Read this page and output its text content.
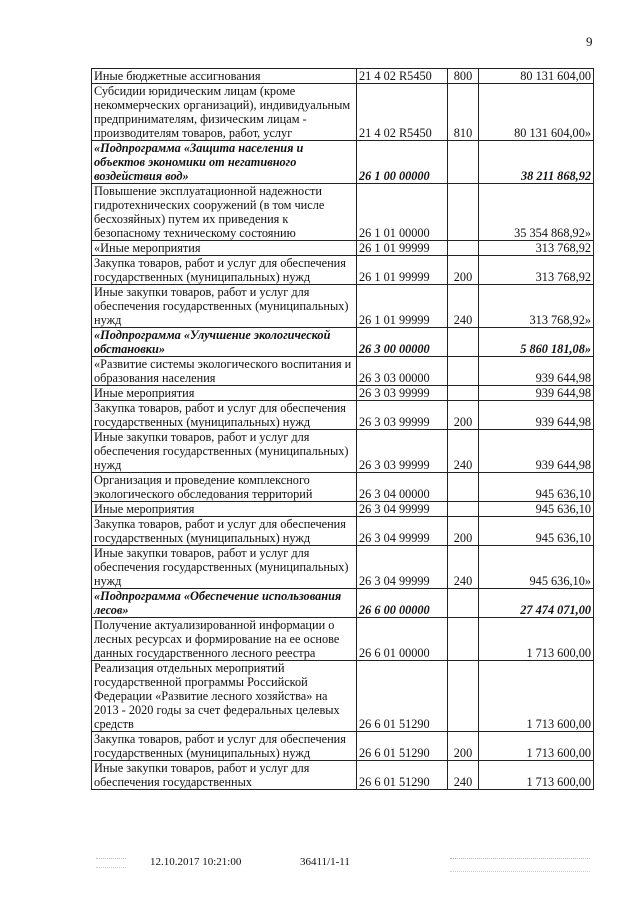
9
Иные бюджетные ассигнования	21 4 02 R5450	800	80 131 604,00
Субсидии юридическим лицам (кроме некоммерческих организаций), индивидуальным предпринимателям, физическим лицам - производителям товаров, работ, услуг	21 4 02 R5450	810	80 131 604,00»
«Подпрограмма «Защита населения и объектов экономики от негативного воздействия вод»	26 1 00 00000		38 211 868,92
Повышение эксплуатационной надежности гидротехнических сооружений (в том числе бесхозяйных) путем их приведения к безопасному техническому состоянию	26 1 01 00000		35 354 868,92»
«Иные мероприятия	26 1 01 99999		313 768,92
Закупка товаров, работ и услуг для обеспечения государственных (муниципальных) нужд	26 1 01 99999	200	313 768,92
Иные закупки товаров, работ и услуг для обеспечения государственных (муниципальных) нужд	26 1 01 99999	240	313 768,92»
«Подпрограмма «Улучшение экологической обстановки»	26 3 00 00000		5 860 181,08»
«Развитие системы экологического воспитания и образования населения	26 3 03 00000		939 644,98
Иные мероприятия	26 3 03 99999		939 644,98
Закупка товаров, работ и услуг для обеспечения государственных (муниципальных) нужд	26 3 03 99999	200	939 644,98
Иные закупки товаров, работ и услуг для обеспечения государственных (муниципальных) нужд	26 3 03 99999	240	939 644,98
Организация и проведение комплексного экологического обследования территорий	26 3 04 00000		945 636,10
Иные мероприятия	26 3 04 99999		945 636,10
Закупка товаров, работ и услуг для обеспечения государственных (муниципальных) нужд	26 3 04 99999	200	945 636,10
Иные закупки товаров, работ и услуг для обеспечения государственных (муниципальных) нужд	26 3 04 99999	240	945 636,10»
«Подпрограмма «Обеспечение использования лесов»	26 6 00 00000		27 474 071,00
Получение актуализированной информации о лесных ресурсах и формирование на ее основе данных государственного лесного реестра	26 6 01 00000		1 713 600,00
Реализация отдельных мероприятий государственной программы Российской Федерации «Развитие лесного хозяйства» на 2013 - 2020 годы за счет федеральных целевых средств	26 6 01 51290		1 713 600,00
Закупка товаров, работ и услуг для обеспечения государственных (муниципальных) нужд	26 6 01 51290	200	1 713 600,00
Иные закупки товаров, работ и услуг для обеспечения государственных	26 6 01 51290	240	1 713 600,00
12.10.2017 10:21:00	36411/1-11
